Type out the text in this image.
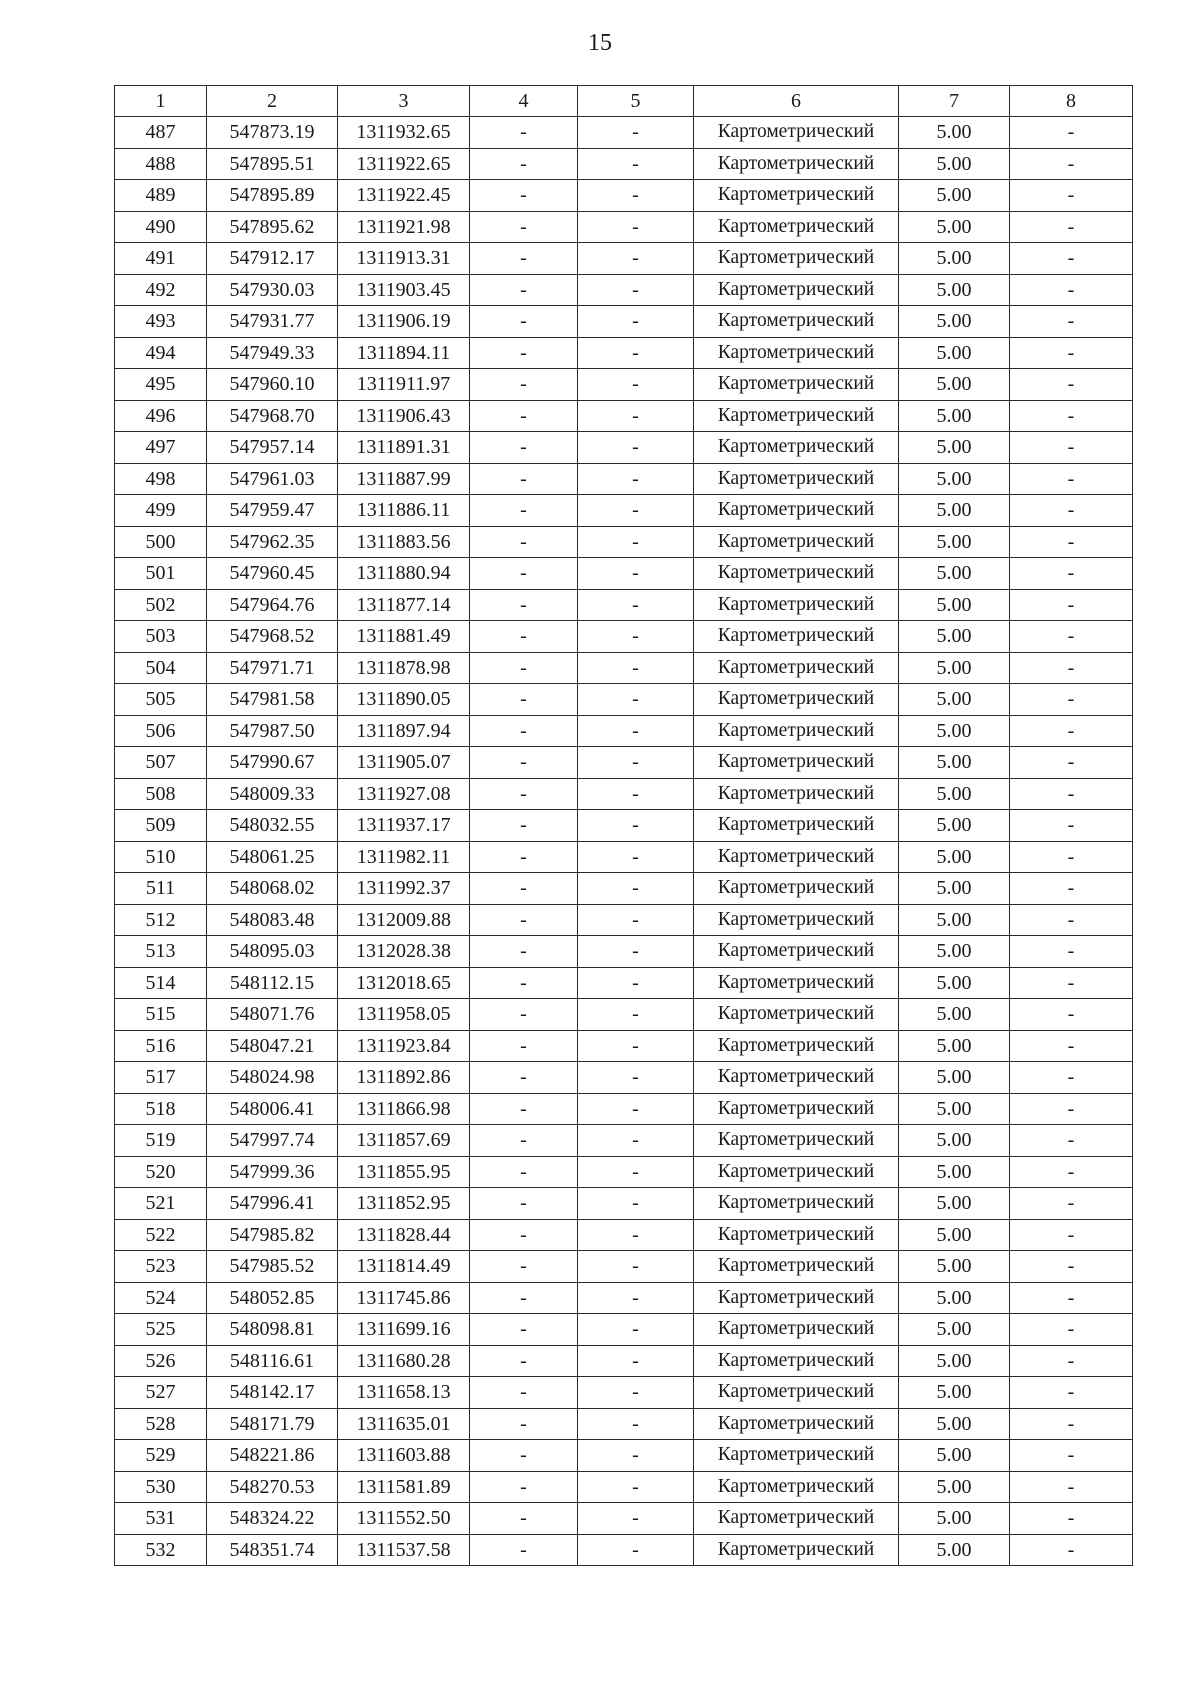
15
1	2	3	4	5	6	7	8
487	547873.19	1311932.65	-	-	Картометрический	5.00	-
488	547895.51	1311922.65	-	-	Картометрический	5.00	-
489	547895.89	1311922.45	-	-	Картометрический	5.00	-
490	547895.62	1311921.98	-	-	Картометрический	5.00	-
491	547912.17	1311913.31	-	-	Картометрический	5.00	-
492	547930.03	1311903.45	-	-	Картометрический	5.00	-
493	547931.77	1311906.19	-	-	Картометрический	5.00	-
494	547949.33	1311894.11	-	-	Картометрический	5.00	-
495	547960.10	1311911.97	-	-	Картометрический	5.00	-
496	547968.70	1311906.43	-	-	Картометрический	5.00	-
497	547957.14	1311891.31	-	-	Картометрический	5.00	-
498	547961.03	1311887.99	-	-	Картометрический	5.00	-
499	547959.47	1311886.11	-	-	Картометрический	5.00	-
500	547962.35	1311883.56	-	-	Картометрический	5.00	-
501	547960.45	1311880.94	-	-	Картометрический	5.00	-
502	547964.76	1311877.14	-	-	Картометрический	5.00	-
503	547968.52	1311881.49	-	-	Картометрический	5.00	-
504	547971.71	1311878.98	-	-	Картометрический	5.00	-
505	547981.58	1311890.05	-	-	Картометрический	5.00	-
506	547987.50	1311897.94	-	-	Картометрический	5.00	-
507	547990.67	1311905.07	-	-	Картометрический	5.00	-
508	548009.33	1311927.08	-	-	Картометрический	5.00	-
509	548032.55	1311937.17	-	-	Картометрический	5.00	-
510	548061.25	1311982.11	-	-	Картометрический	5.00	-
511	548068.02	1311992.37	-	-	Картометрический	5.00	-
512	548083.48	1312009.88	-	-	Картометрический	5.00	-
513	548095.03	1312028.38	-	-	Картометрический	5.00	-
514	548112.15	1312018.65	-	-	Картометрический	5.00	-
515	548071.76	1311958.05	-	-	Картометрический	5.00	-
516	548047.21	1311923.84	-	-	Картометрический	5.00	-
517	548024.98	1311892.86	-	-	Картометрический	5.00	-
518	548006.41	1311866.98	-	-	Картометрический	5.00	-
519	547997.74	1311857.69	-	-	Картометрический	5.00	-
520	547999.36	1311855.95	-	-	Картометрический	5.00	-
521	547996.41	1311852.95	-	-	Картометрический	5.00	-
522	547985.82	1311828.44	-	-	Картометрический	5.00	-
523	547985.52	1311814.49	-	-	Картометрический	5.00	-
524	548052.85	1311745.86	-	-	Картометрический	5.00	-
525	548098.81	1311699.16	-	-	Картометрический	5.00	-
526	548116.61	1311680.28	-	-	Картометрический	5.00	-
527	548142.17	1311658.13	-	-	Картометрический	5.00	-
528	548171.79	1311635.01	-	-	Картометрический	5.00	-
529	548221.86	1311603.88	-	-	Картометрический	5.00	-
530	548270.53	1311581.89	-	-	Картометрический	5.00	-
531	548324.22	1311552.50	-	-	Картометрический	5.00	-
532	548351.74	1311537.58	-	-	Картометрический	5.00	-
